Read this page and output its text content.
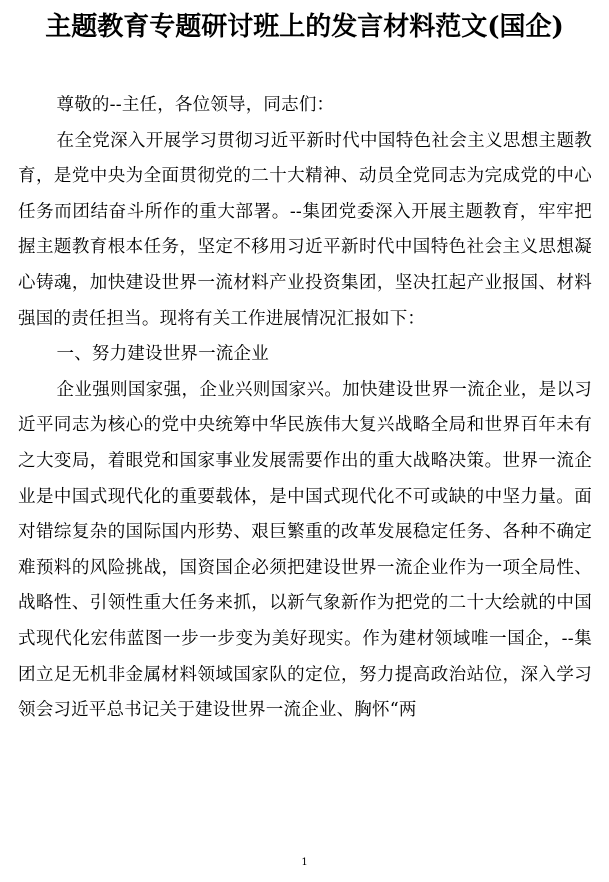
主题教育专题研讨班上的发言材料范文(国企)

尊敬的--主任，各位领导，同志们：

在全党深入开展学习贯彻习近平新时代中国特色社会主义思想主题教育，是党中央为全面贯彻党的二十大精神、动员全党同志为完成党的中心任务而团结奋斗所作的重大部署。--集团党委深入开展主题教育，牢牢把握主题教育根本任务，坚定不移用习近平新时代中国特色社会主义思想凝心铸魂，加快建设世界一流材料产业投资集团，坚决扛起产业报国、材料强国的责任担当。现将有关工作进展情况汇报如下：

一、努力建设世界一流企业

企业强则国家强，企业兴则国家兴。加快建设世界一流企业，是以习近平同志为核心的党中央统筹中华民族伟大复兴战略全局和世界百年未有之大变局，着眼党和国家事业发展需要作出的重大战略决策。世界一流企业是中国式现代化的重要载体，是中国式现代化不可或缺的中坚力量。面对错综复杂的国际国内形势、艰巨繁重的改革发展稳定任务、各种不确定难预料的风险挑战，国资国企必须把建设世界一流企业作为一项全局性、战略性、引领性重大任务来抓，以新气象新作为把党的二十大绘就的中国式现代化宏伟蓝图一步一步变为美好现实。作为建材领域唯一国企，--集团立足无机非金属材料领域国家队的定位，努力提高政治站位，深入学习领会习近平总书记关于建设世界一流企业、胸怀“两

1
